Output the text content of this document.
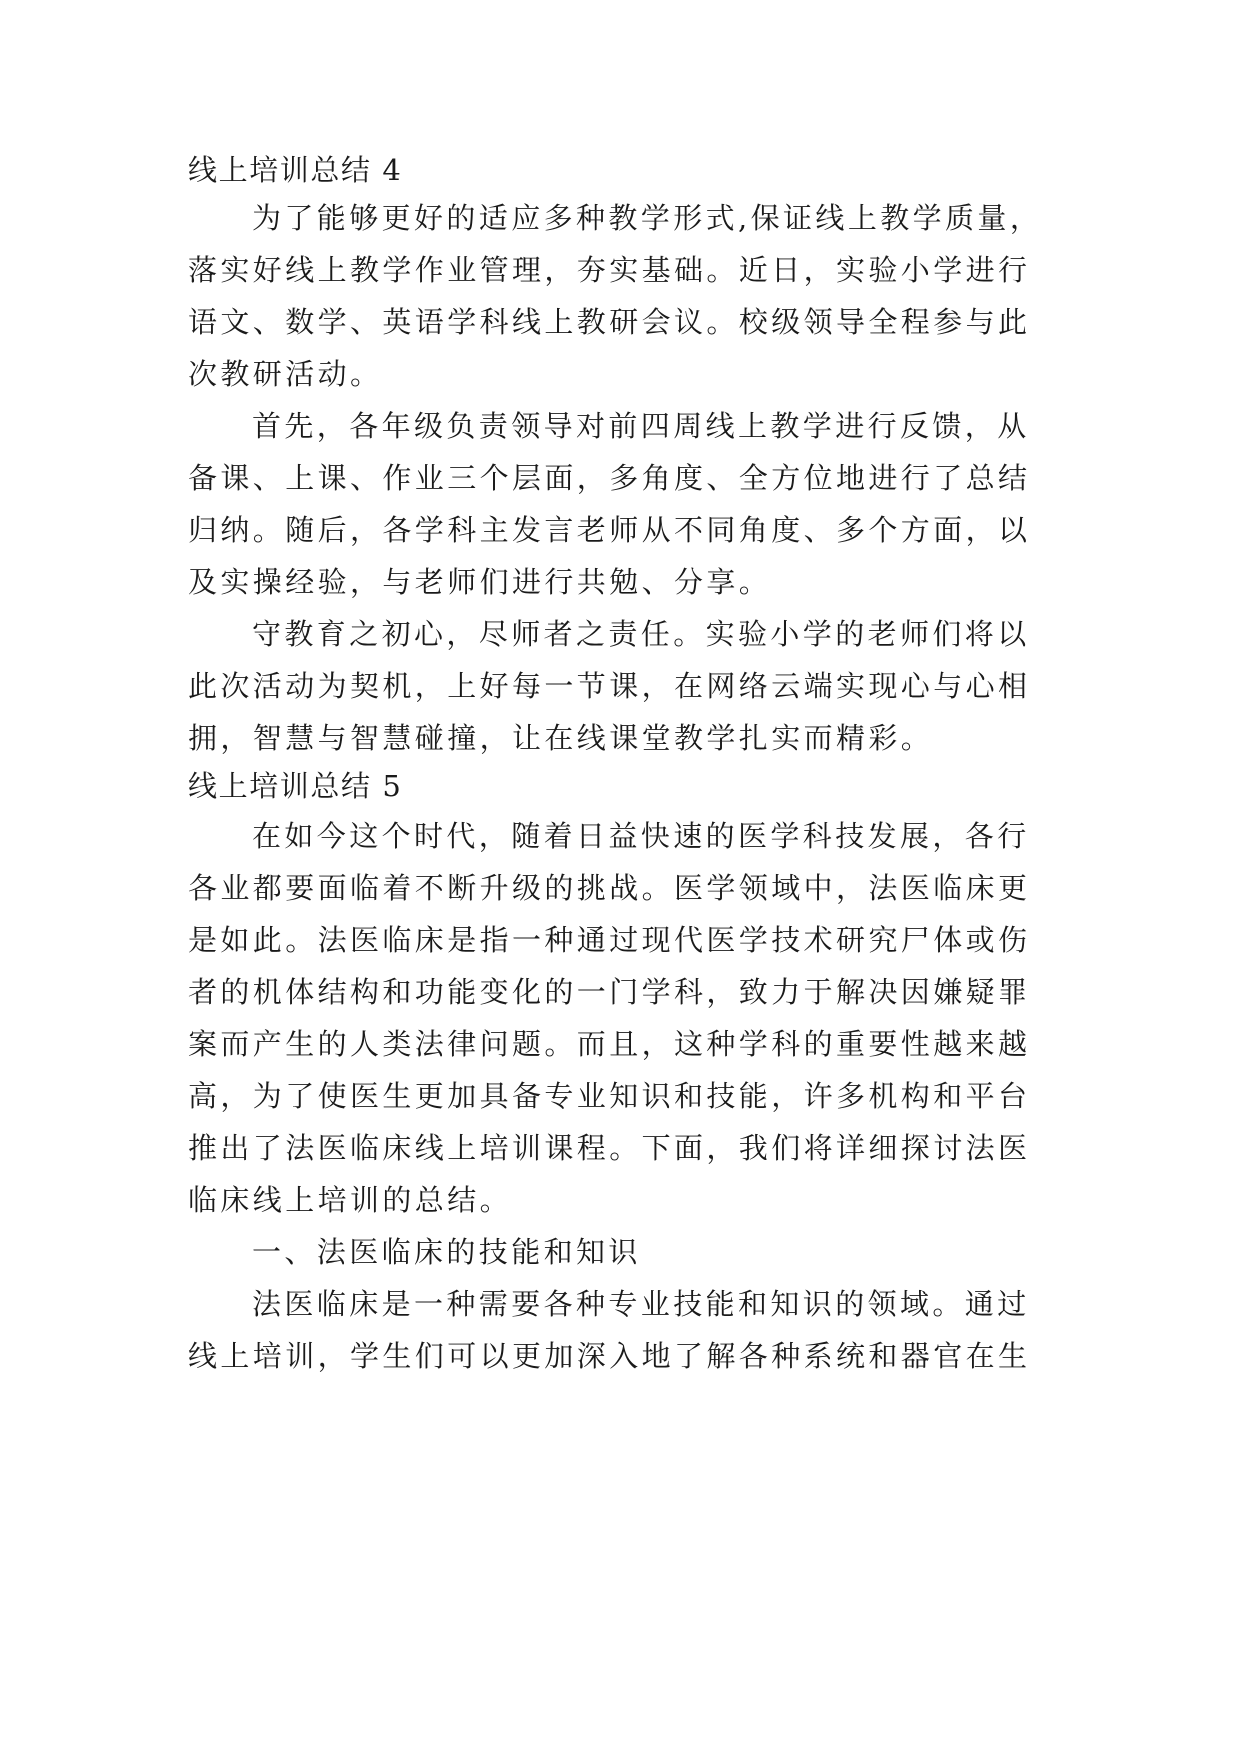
线上培训总结 4
为了能够更好的适应多种教学形式,保证线上教学质量，
落实好线上教学作业管理，夯实基础。近日，实验小学进行
语文、数学、英语学科线上教研会议。校级领导全程参与此
次教研活动。
首先，各年级负责领导对前四周线上教学进行反馈，从
备课、上课、作业三个层面，多角度、全方位地进行了总结
归纳。随后，各学科主发言老师从不同角度、多个方面，以
及实操经验，与老师们进行共勉、分享。
守教育之初心，尽师者之责任。实验小学的老师们将以
此次活动为契机，上好每一节课，在网络云端实现心与心相
拥，智慧与智慧碰撞，让在线课堂教学扎实而精彩。
线上培训总结 5
在如今这个时代，随着日益快速的医学科技发展，各行
各业都要面临着不断升级的挑战。医学领域中，法医临床更
是如此。法医临床是指一种通过现代医学技术研究尸体或伤
者的机体结构和功能变化的一门学科，致力于解决因嫌疑罪
案而产生的人类法律问题。而且，这种学科的重要性越来越
高，为了使医生更加具备专业知识和技能，许多机构和平台
推出了法医临床线上培训课程。下面，我们将详细探讨法医
临床线上培训的总结。
一、法医临床的技能和知识
法医临床是一种需要各种专业技能和知识的领域。通过
线上培训，学生们可以更加深入地了解各种系统和器官在生
